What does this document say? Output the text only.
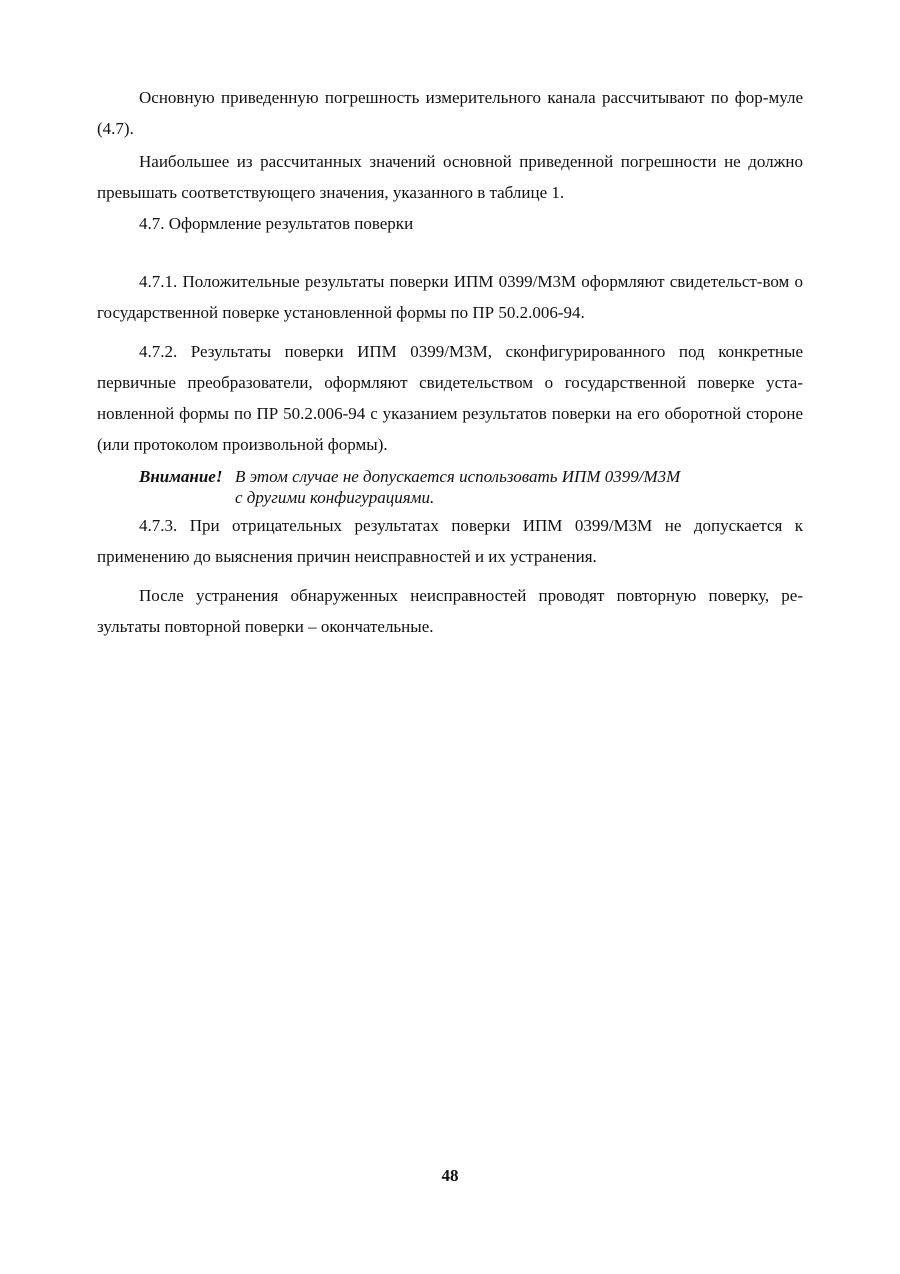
Основную приведенную погрешность измерительного канала рассчитывают по фор-муле (4.7).

Наибольшее из рассчитанных значений основной приведенной погрешности не должно превышать соответствующего значения, указанного в таблице 1.

4.7. Оформление результатов поверки

4.7.1. Положительные результаты поверки ИПМ 0399/М3М оформляют свидетельст-вом о государственной поверке установленной формы по ПР 50.2.006-94.

4.7.2. Результаты поверки ИПМ 0399/М3М, сконфигурированного под конкретные первичные преобразователи, оформляют свидетельством о государственной поверке уста-новленной формы по ПР 50.2.006-94 с указанием результатов поверки на его оборотной стороне (или протоколом произвольной формы).

Внимание! В этом случае не допускается использовать ИПМ 0399/М3М
с другими конфигурациями.

4.7.3. При отрицательных результатах поверки ИПМ 0399/М3М не допускается к применению до выяснения причин неисправностей и их устранения.

После устранения обнаруженных неисправностей проводят повторную поверку, ре-зультаты повторной поверки – окончательные.

48
